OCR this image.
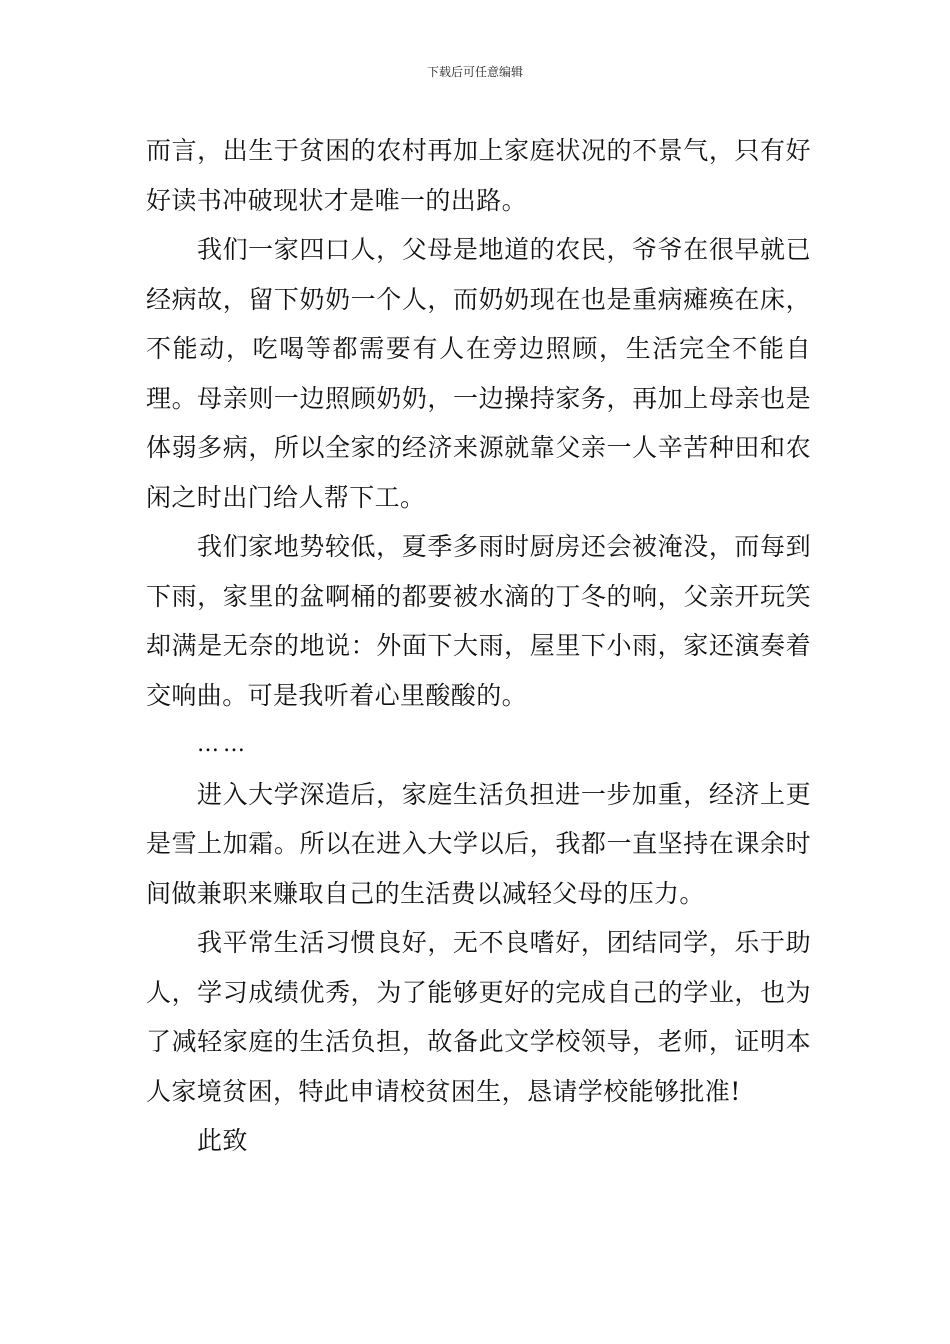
下载后可任意编辑

而言，出生于贫困的农村再加上家庭状况的不景气，只有好好读书冲破现状才是唯一的出路。

我们一家四口人，父母是地道的农民，爷爷在很早就已经病故，留下奶奶一个人，而奶奶现在也是重病瘫痪在床，不能动，吃喝等都需要有人在旁边照顾，生活完全不能自理。母亲则一边照顾奶奶，一边操持家务，再加上母亲也是体弱多病，所以全家的经济来源就靠父亲一人辛苦种田和农闲之时出门给人帮下工。

我们家地势较低，夏季多雨时厨房还会被淹没，而每到下雨，家里的盆啊桶的都要被水滴的丁冬的响，父亲开玩笑却满是无奈的地说：外面下大雨，屋里下小雨，家还演奏着交响曲。可是我听着心里酸酸的。

……

进入大学深造后，家庭生活负担进一步加重，经济上更是雪上加霜。所以在进入大学以后，我都一直坚持在课余时间做兼职来赚取自己的生活费以减轻父母的压力。

我平常生活习惯良好，无不良嗜好，团结同学，乐于助人，学习成绩优秀，为了能够更好的完成自己的学业，也为了减轻家庭的生活负担，故备此文学校领导，老师，证明本人家境贫困，特此申请校贫困生，恳请学校能够批准!

此致
